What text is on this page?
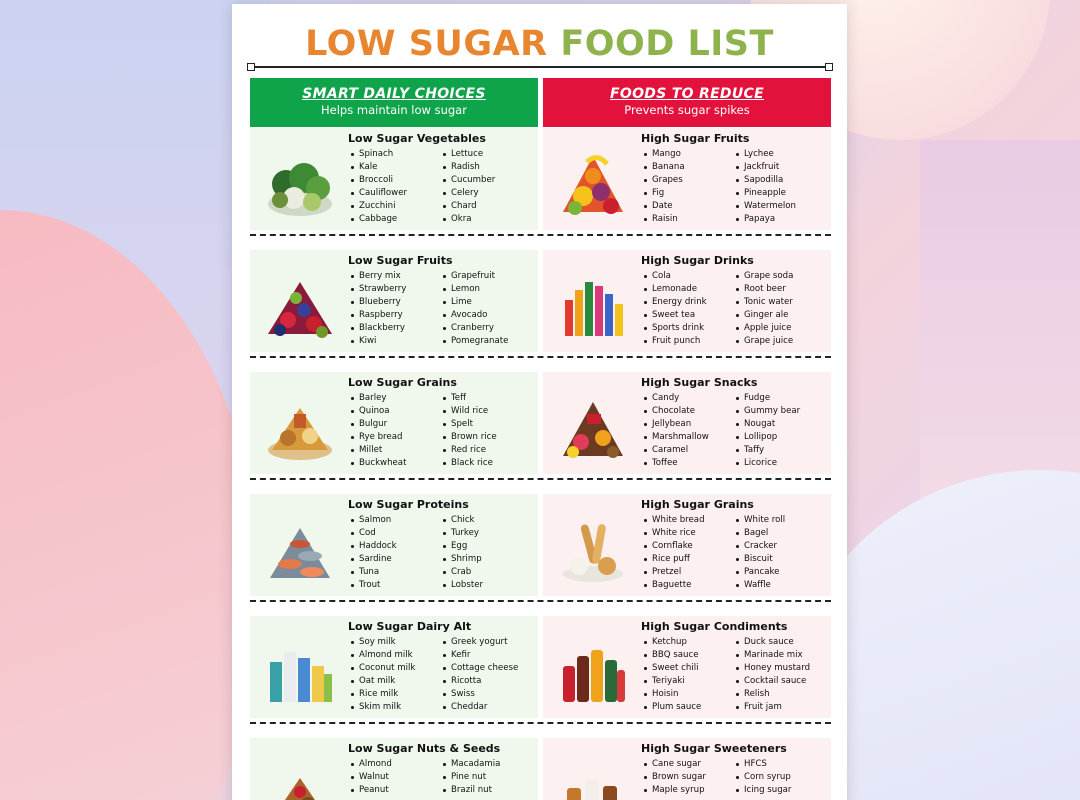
LOW SUGAR FOOD LIST
SMART DAILY CHOICES
Helps maintain low sugar
FOODS TO REDUCE
Prevents sugar spikes
Low Sugar Vegetables
Spinach
Kale
Broccoli
Cauliflower
Zucchini
Cabbage
Lettuce
Radish
Cucumber
Celery
Chard
Okra
High Sugar Fruits
Mango
Banana
Grapes
Fig
Date
Raisin
Lychee
Jackfruit
Sapodilla
Pineapple
Watermelon
Papaya
Low Sugar Fruits
Berry mix
Strawberry
Blueberry
Raspberry
Blackberry
Kiwi
Grapefruit
Lemon
Lime
Avocado
Cranberry
Pomegranate
High Sugar Drinks
Cola
Lemonade
Energy drink
Sweet tea
Sports drink
Fruit punch
Grape soda
Root beer
Tonic water
Ginger ale
Apple juice
Grape juice
Low Sugar Grains
Barley
Quinoa
Bulgur
Rye bread
Millet
Buckwheat
Teff
Wild rice
Spelt
Brown rice
Red rice
Black rice
High Sugar Snacks
Candy
Chocolate
Jellybean
Marshmallow
Caramel
Toffee
Fudge
Gummy bear
Nougat
Lollipop
Taffy
Licorice
Low Sugar Proteins
Salmon
Cod
Haddock
Sardine
Tuna
Trout
Chick
Turkey
Egg
Shrimp
Crab
Lobster
High Sugar Grains
White bread
White rice
Cornflake
Rice puff
Pretzel
Baguette
White roll
Bagel
Cracker
Biscuit
Pancake
Waffle
Low Sugar Dairy Alt
Soy milk
Almond milk
Coconut milk
Oat milk
Rice milk
Skim milk
Greek yogurt
Kefir
Cottage cheese
Ricotta
Swiss
Cheddar
High Sugar Condiments
Ketchup
BBQ sauce
Sweet chili
Teriyaki
Hoisin
Plum sauce
Duck sauce
Marinade mix
Honey mustard
Cocktail sauce
Relish
Fruit jam
Low Sugar Nuts & Seeds
Almond
Walnut
Peanut
Macadamia
Pine nut
Brazil nut
High Sugar Sweeteners
Cane sugar
Brown sugar
Maple syrup
HFCS
Corn syrup
Icing sugar
